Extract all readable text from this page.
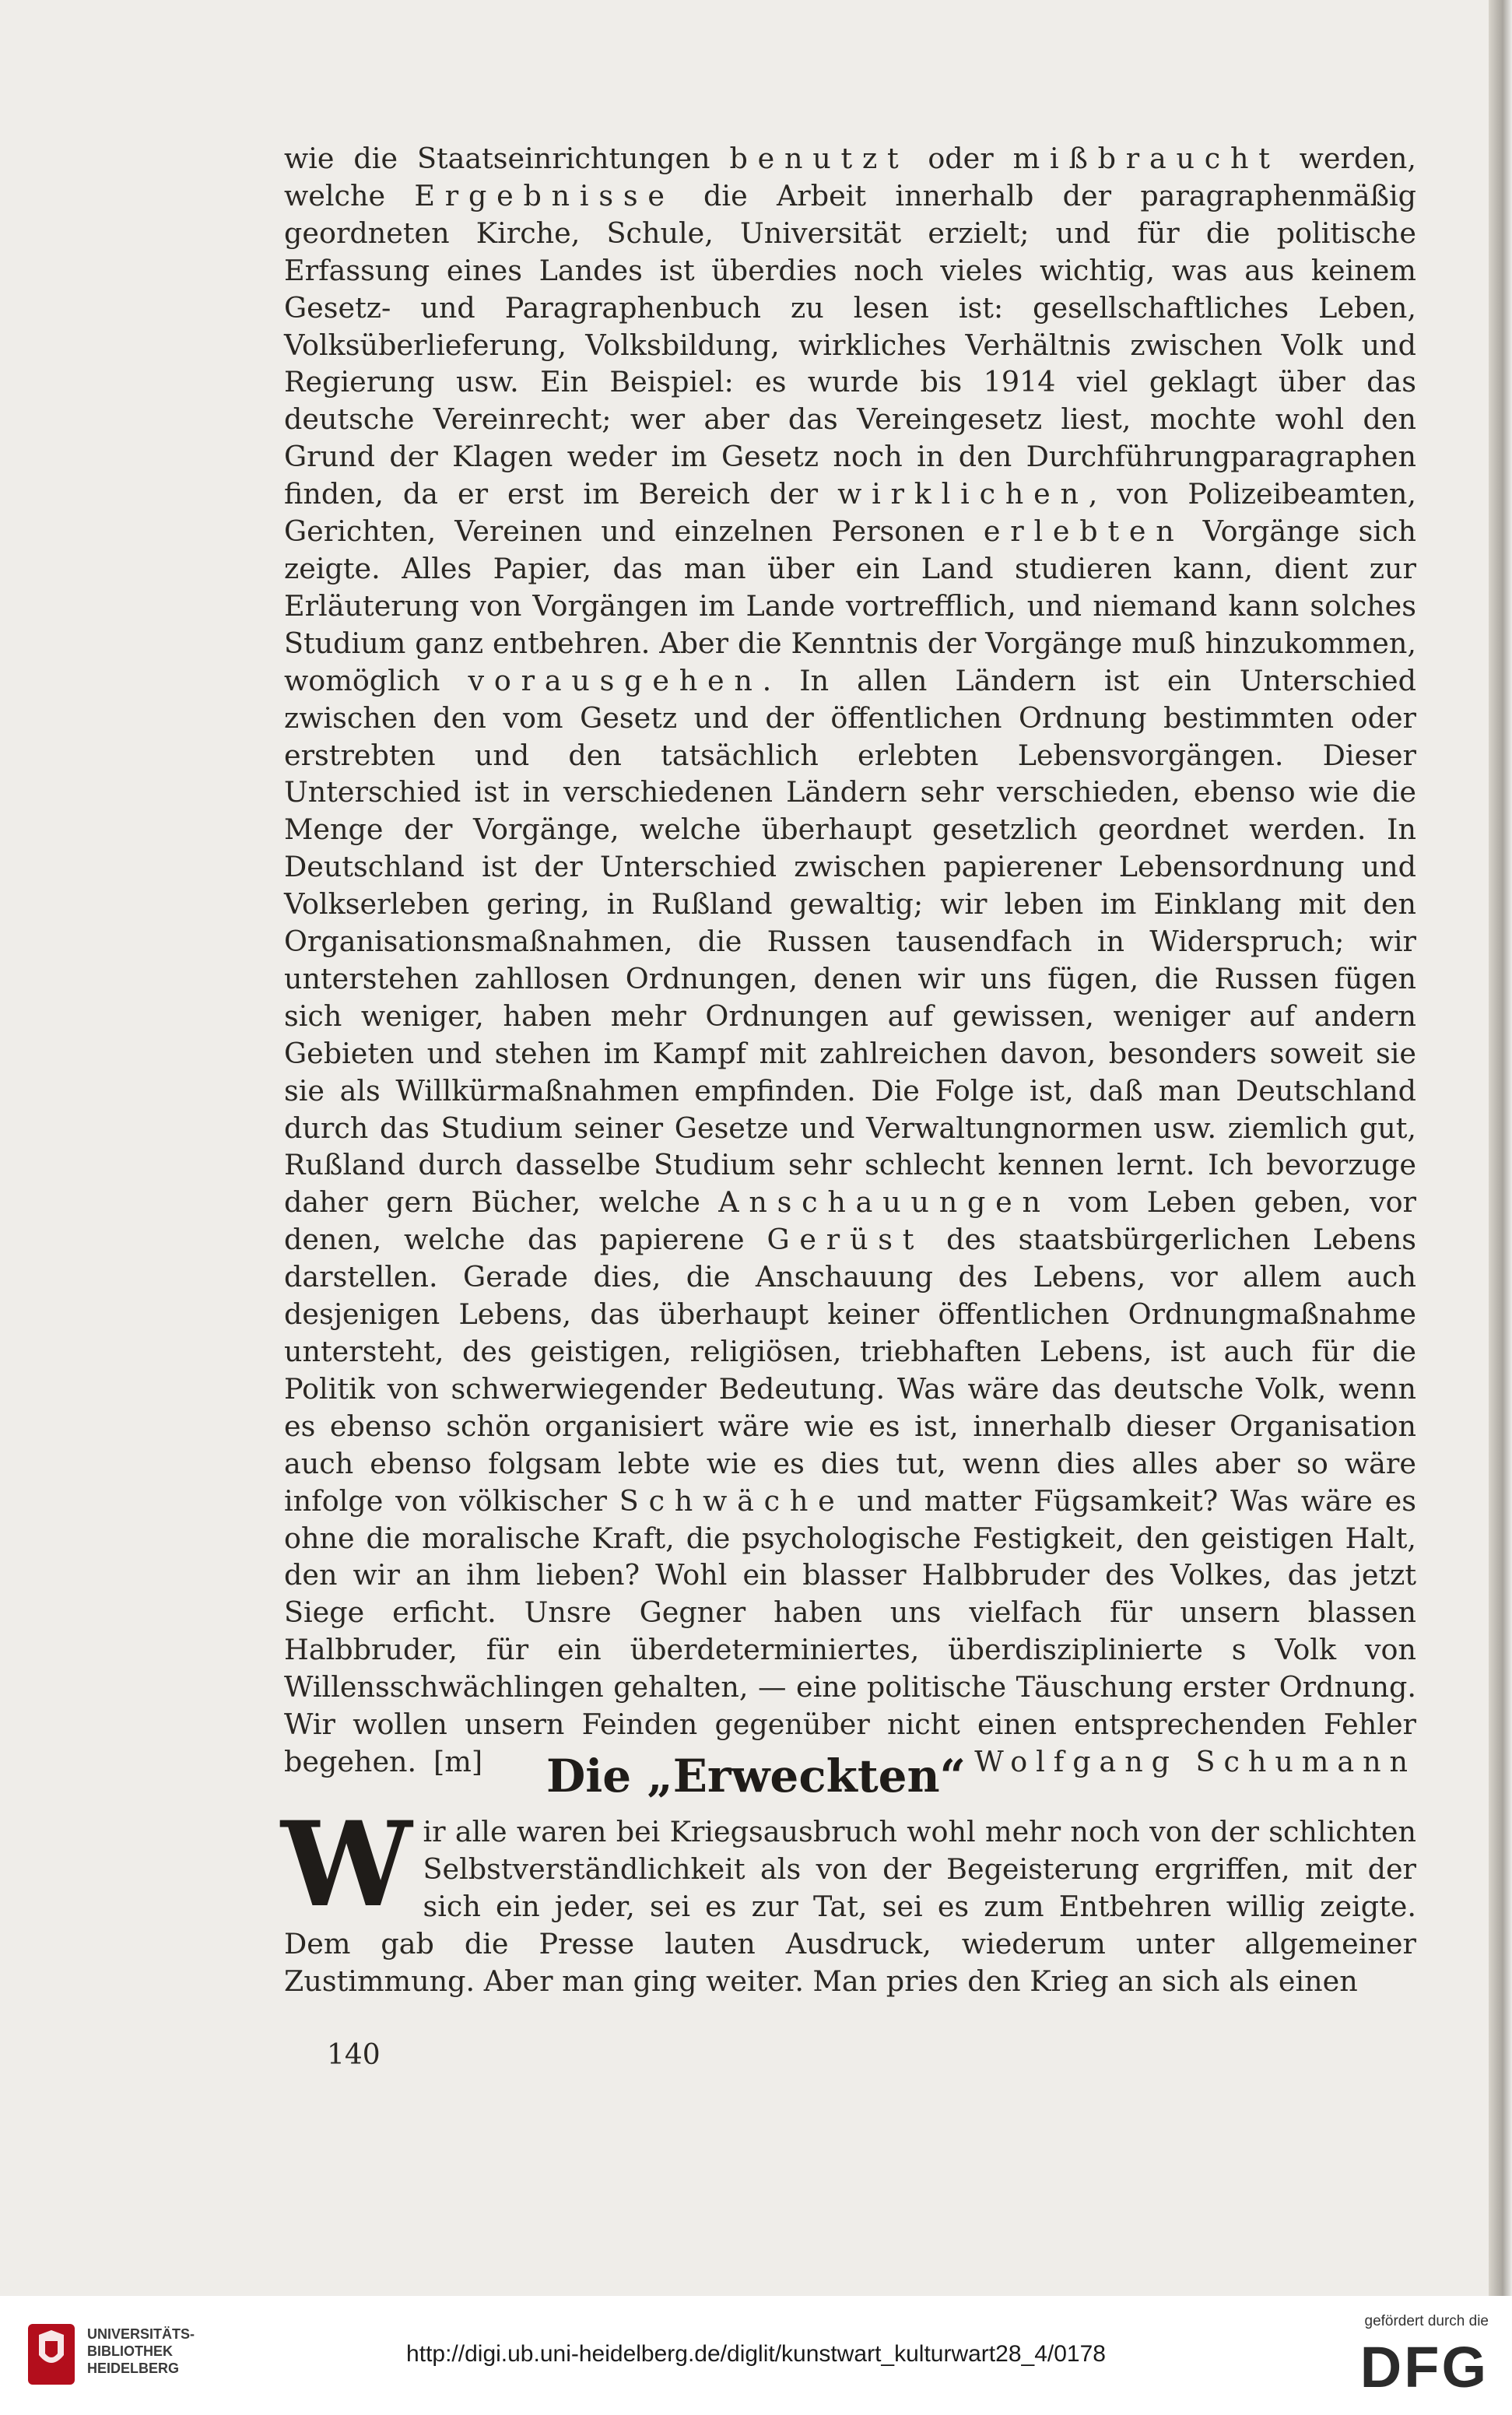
wie die Staatseinrichtungen benutzt oder mißbraucht werden, welche Ergebnisse die Arbeit innerhalb der paragraphenmäßig geordneten Kirche, Schule, Universität erzielt; und für die politische Erfassung eines Landes ist überdies noch vieles wichtig, was aus keinem Gesetz- und Paragraphenbuch zu lesen ist: gesellschaftliches Leben, Volksüberlieferung, Volksbildung, wirkliches Verhältnis zwischen Volk und Regierung usw. Ein Beispiel: es wurde bis 1914 viel geklagt über das deutsche Vereinrecht; wer aber das Vereingesetz liest, mochte wohl den Grund der Klagen weder im Gesetz noch in den Durchführungparagraphen finden, da er erst im Bereich der wirklichen, von Polizeibeamten, Gerichten, Vereinen und einzelnen Personen erlebten Vorgänge sich zeigte. Alles Papier, das man über ein Land studieren kann, dient zur Erläuterung von Vorgängen im Lande vortrefflich, und niemand kann solches Studium ganz entbehren. Aber die Kenntnis der Vorgänge muß hinzukommen, womöglich vorausgehen. In allen Ländern ist ein Unterschied zwischen den vom Gesetz und der öffentlichen Ordnung bestimmten oder erstrebten und den tatsächlich erlebten Lebensvorgängen. Dieser Unterschied ist in verschiedenen Ländern sehr verschieden, ebenso wie die Menge der Vorgänge, welche überhaupt gesetzlich geordnet werden. In Deutschland ist der Unterschied zwischen papierener Lebensordnung und Volkserleben gering, in Rußland gewaltig; wir leben im Einklang mit den Organisationsmaßnahmen, die Russen tausendfach in Widerspruch; wir unterstehen zahllosen Ordnungen, denen wir uns fügen, die Russen fügen sich weniger, haben mehr Ordnungen auf gewissen, weniger auf andern Gebieten und stehen im Kampf mit zahlreichen davon, besonders soweit sie sie als Willkürmaßnahmen empfinden. Die Folge ist, daß man Deutschland durch das Studium seiner Gesetze und Verwaltungnormen usw. ziemlich gut, Rußland durch dasselbe Studium sehr schlecht kennen lernt. Ich bevorzuge daher gern Bücher, welche Anschauungen vom Leben geben, vor denen, welche das papierene Gerüst des staatsbürgerlichen Lebens darstellen. Gerade dies, die Anschauung des Lebens, vor allem auch desjenigen Lebens, das überhaupt keiner öffentlichen Ordnungmaßnahme untersteht, des geistigen, religiösen, triebhaften Lebens, ist auch für die Politik von schwerwiegender Bedeutung. Was wäre das deutsche Volk, wenn es ebenso schön organisiert wäre wie es ist, innerhalb dieser Organisation auch ebenso folgsam lebte wie es dies tut, wenn dies alles aber so wäre infolge von völkischer Schwäche und matter Fügsamkeit? Was wäre es ohne die moralische Kraft, die psychologische Festigkeit, den geistigen Halt, den wir an ihm lieben? Wohl ein blasser Halbbruder des Volkes, das jetzt Siege erficht. Unsre Gegner haben uns vielfach für unsern blassen Halbbruder, für ein überdeterminiertes, überdisziplinierte s Volk von Willensschwächlingen gehalten, — eine politische Täuschung erster Ordnung. Wir wollen unsern Feinden gegenüber nicht einen entsprechenden Fehler begehen. [m]	Wolfgang Schumann

Die „Erweckten“

Wir alle waren bei Kriegsausbruch wohl mehr noch von der schlichten Selbstverständlichkeit als von der Begeisterung ergriffen, mit der sich ein jeder, sei es zur Tat, sei es zum Entbehren willig zeigte. Dem gab die Presse lauten Ausdruck, wiederum unter allgemeiner Zustimmung. Aber man ging weiter. Man pries den Krieg an sich als einen

140
UNIVERSITÄTS-
BIBLIOTHEK
HEIDELBERG
http://digi.ub.uni-heidelberg.de/diglit/kunstwart_kulturwart28_4/0178
gefördert durch die
DFG
